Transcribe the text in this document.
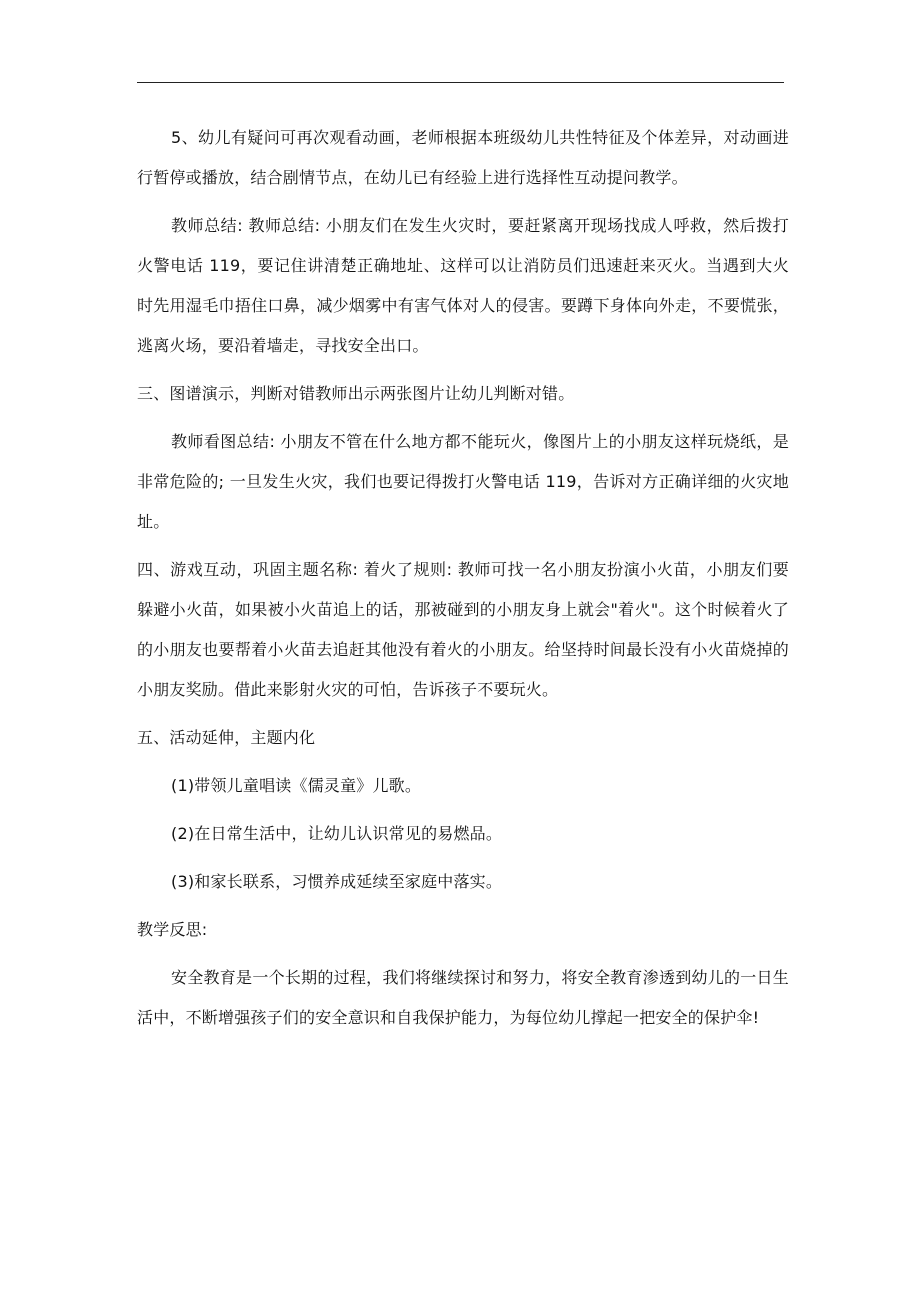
5、幼儿有疑问可再次观看动画，老师根据本班级幼儿共性特征及个体差异，对动画进行暂停或播放，结合剧情节点，在幼儿已有经验上进行选择性互动提问教学。

教师总结: 教师总结: 小朋友们在发生火灾时，要赶紧离开现场找成人呼救，然后拨打火警电话 119，要记住讲清楚正确地址、这样可以让消防员们迅速赶来灭火。当遇到大火时先用湿毛巾捂住口鼻，减少烟雾中有害气体对人的侵害。要蹲下身体向外走，不要慌张，逃离火场，要沿着墙走，寻找安全出口。

三、图谱演示，判断对错教师出示两张图片让幼儿判断对错。

教师看图总结: 小朋友不管在什么地方都不能玩火，像图片上的小朋友这样玩烧纸，是非常危险的; 一旦发生火灾，我们也要记得拨打火警电话 119，告诉对方正确详细的火灾地址。

四、游戏互动，巩固主题名称: 着火了规则: 教师可找一名小朋友扮演小火苗，小朋友们要躲避小火苗，如果被小火苗追上的话，那被碰到的小朋友身上就会"着火"。这个时候着火了的小朋友也要帮着小火苗去追赶其他没有着火的小朋友。给坚持时间最长没有小火苗烧掉的小朋友奖励。借此来影射火灾的可怕，告诉孩子不要玩火。

五、活动延伸，主题内化

(1)带领儿童唱读《儒灵童》儿歌。

(2)在日常生活中，让幼儿认识常见的易燃品。

(3)和家长联系，习惯养成延续至家庭中落实。

教学反思:

安全教育是一个长期的过程，我们将继续探讨和努力，将安全教育渗透到幼儿的一日生活中，不断增强孩子们的安全意识和自我保护能力，为每位幼儿撑起一把安全的保护伞!
